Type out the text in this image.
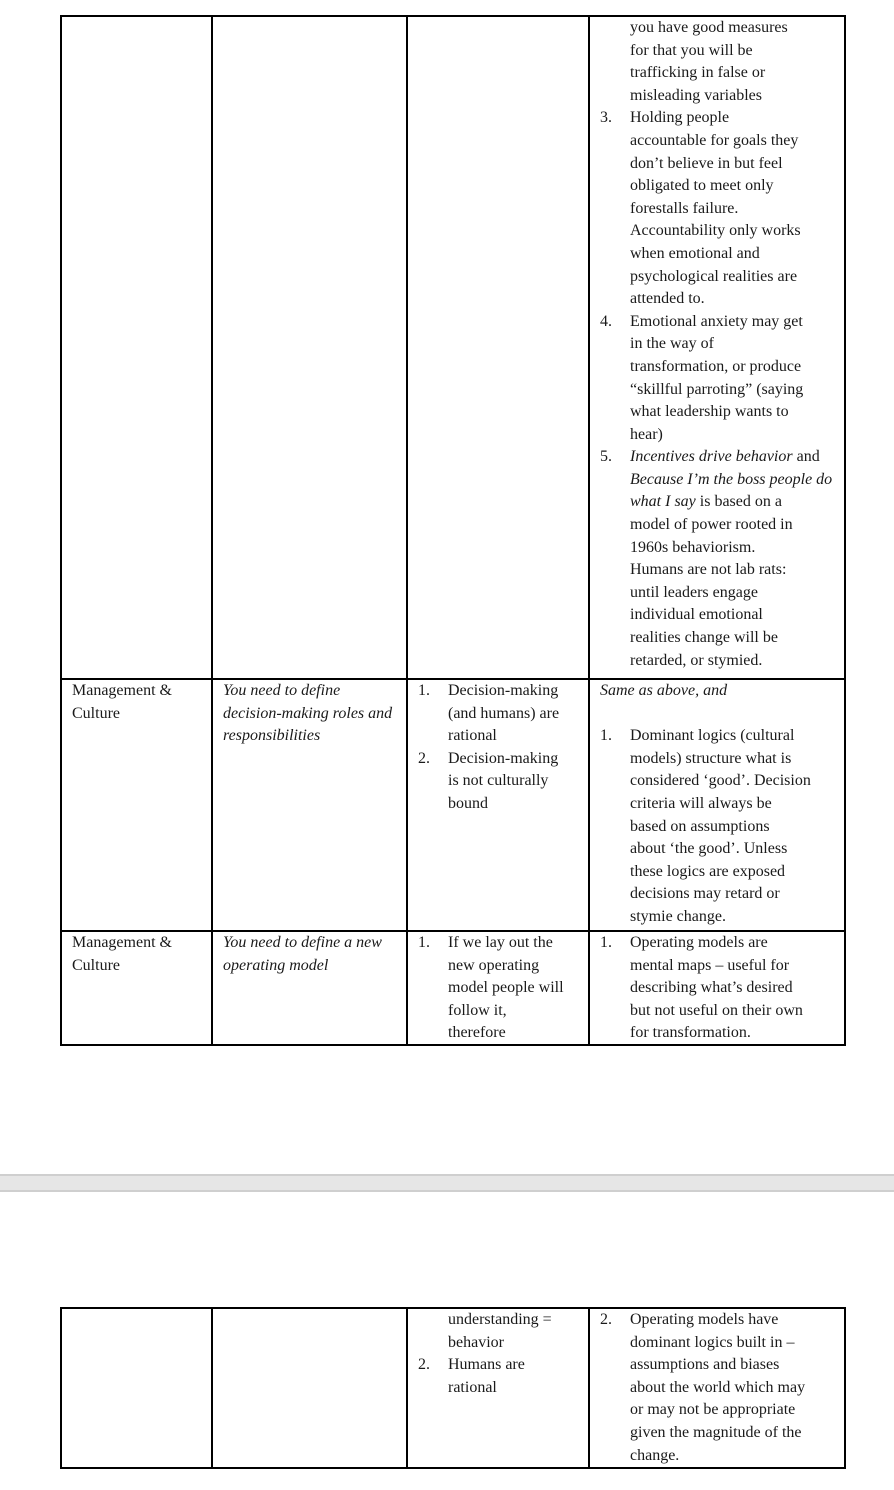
you have good measures
for that you will be
trafficking in false or
misleading variables
3. Holding people
accountable for goals they
don’t believe in but feel
obligated to meet only
forestalls failure.
Accountability only works
when emotional and
psychological realities are
attended to.
4. Emotional anxiety may get
in the way of
transformation, or produce
“skillful parroting” (saying
what leadership wants to
hear)
5. Incentives drive behavior and
Because I’m the boss people do
what I say is based on a
model of power rooted in
1960s behaviorism.
Humans are not lab rats:
until leaders engage
individual emotional
realities change will be
retarded, or stymied.
Management &
Culture
You need to define
decision-making roles and
responsibilities
1. Decision-making
(and humans) are
rational
2. Decision-making
is not culturally
bound
Same as above, and
1. Dominant logics (cultural
models) structure what is
considered ‘good’. Decision
criteria will always be
based on assumptions
about ‘the good’. Unless
these logics are exposed
decisions may retard or
stymie change.
Management &
Culture
You need to define a new
operating model
1. If we lay out the
new operating
model people will
follow it,
therefore
1. Operating models are
mental maps – useful for
describing what’s desired
but not useful on their own
for transformation.
understanding =
behavior
2. Humans are
rational
2. Operating models have
dominant logics built in –
assumptions and biases
about the world which may
or may not be appropriate
given the magnitude of the
change.
